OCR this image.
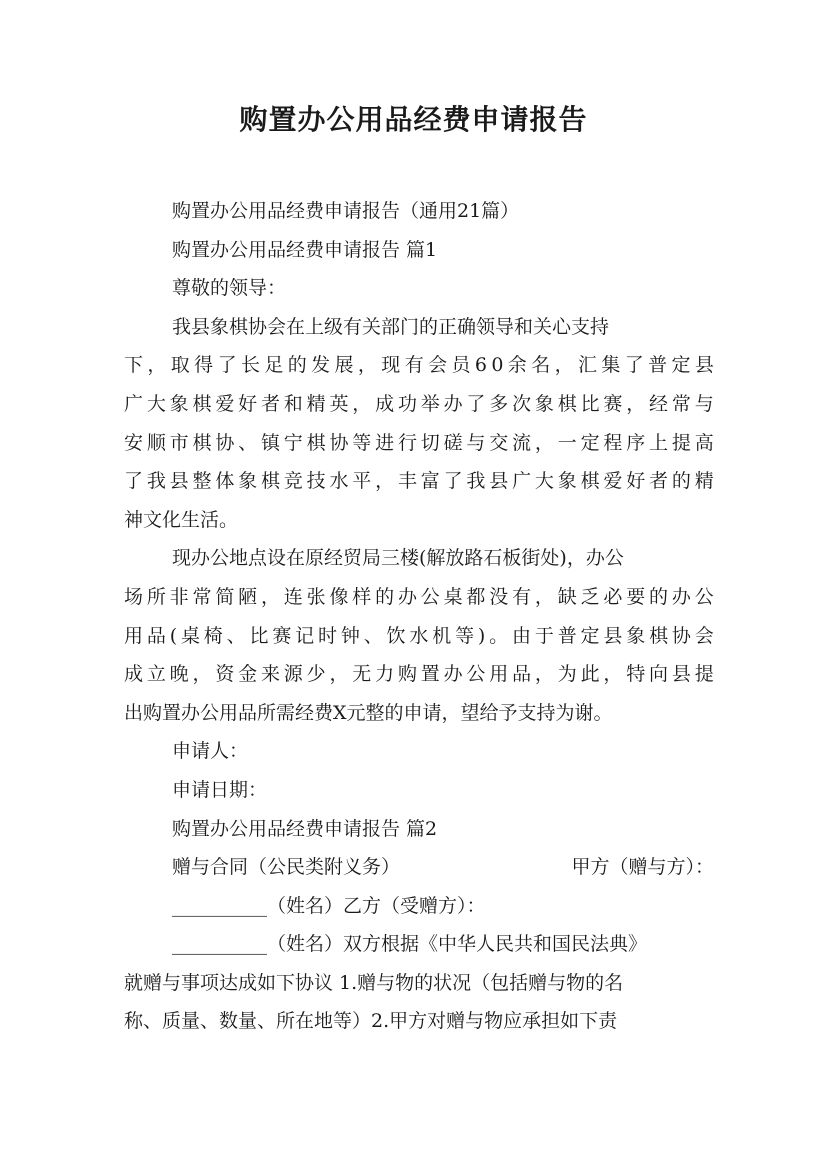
购置办公用品经费申请报告
购置办公用品经费申请报告（通用21篇）
购置办公用品经费申请报告 篇1
尊敬的领导：
我县象棋协会在上级有关部门的正确领导和关心支持
下 ， 取 得 了 长 足 的 发 展 ， 现 有 会 员 6 0 余 名 ， 汇 集 了 普 定 县
广 大 象 棋 爱 好 者 和 精 英 ， 成 功 举 办 了 多 次 象 棋 比 赛 ， 经 常 与
安 顺 市 棋 协 、 镇 宁 棋 协 等 进 行 切 磋 与 交 流 ， 一 定 程 序 上 提 高
了 我 县 整 体 象 棋 竞 技 水 平 ， 丰 富 了 我 县 广 大 象 棋 爱 好 者 的 精
神文化生活。
现办公地点设在原经贸局三楼(解放路石板街处)，办公
场 所 非 常 简 陋 ， 连 张 像 样 的 办 公 桌 都 没 有 ， 缺 乏 必 要 的 办 公
用 品 ( 桌 椅 、 比 赛 记 时 钟 、 饮 水 机 等 ) 。 由 于 普 定 县 象 棋 协 会
成 立 晚 ， 资 金 来 源 少 ， 无 力 购 置 办 公 用 品 ， 为 此 ， 特 向 县 提
出购置办公用品所需经费X元整的申请，望给予支持为谢。
申请人：
申请日期：
购置办公用品经费申请报告 篇2
赠与合同（公民类附义务）	甲方（赠与方）：
__________（姓名）乙方（受赠方）：
__________（姓名）双方根据《中华人民共和国民法典》
就赠与事项达成如下协议 1.赠与物的状况（包括赠与物的名
称、质量、数量、所在地等）2.甲方对赠与物应承担如下责
